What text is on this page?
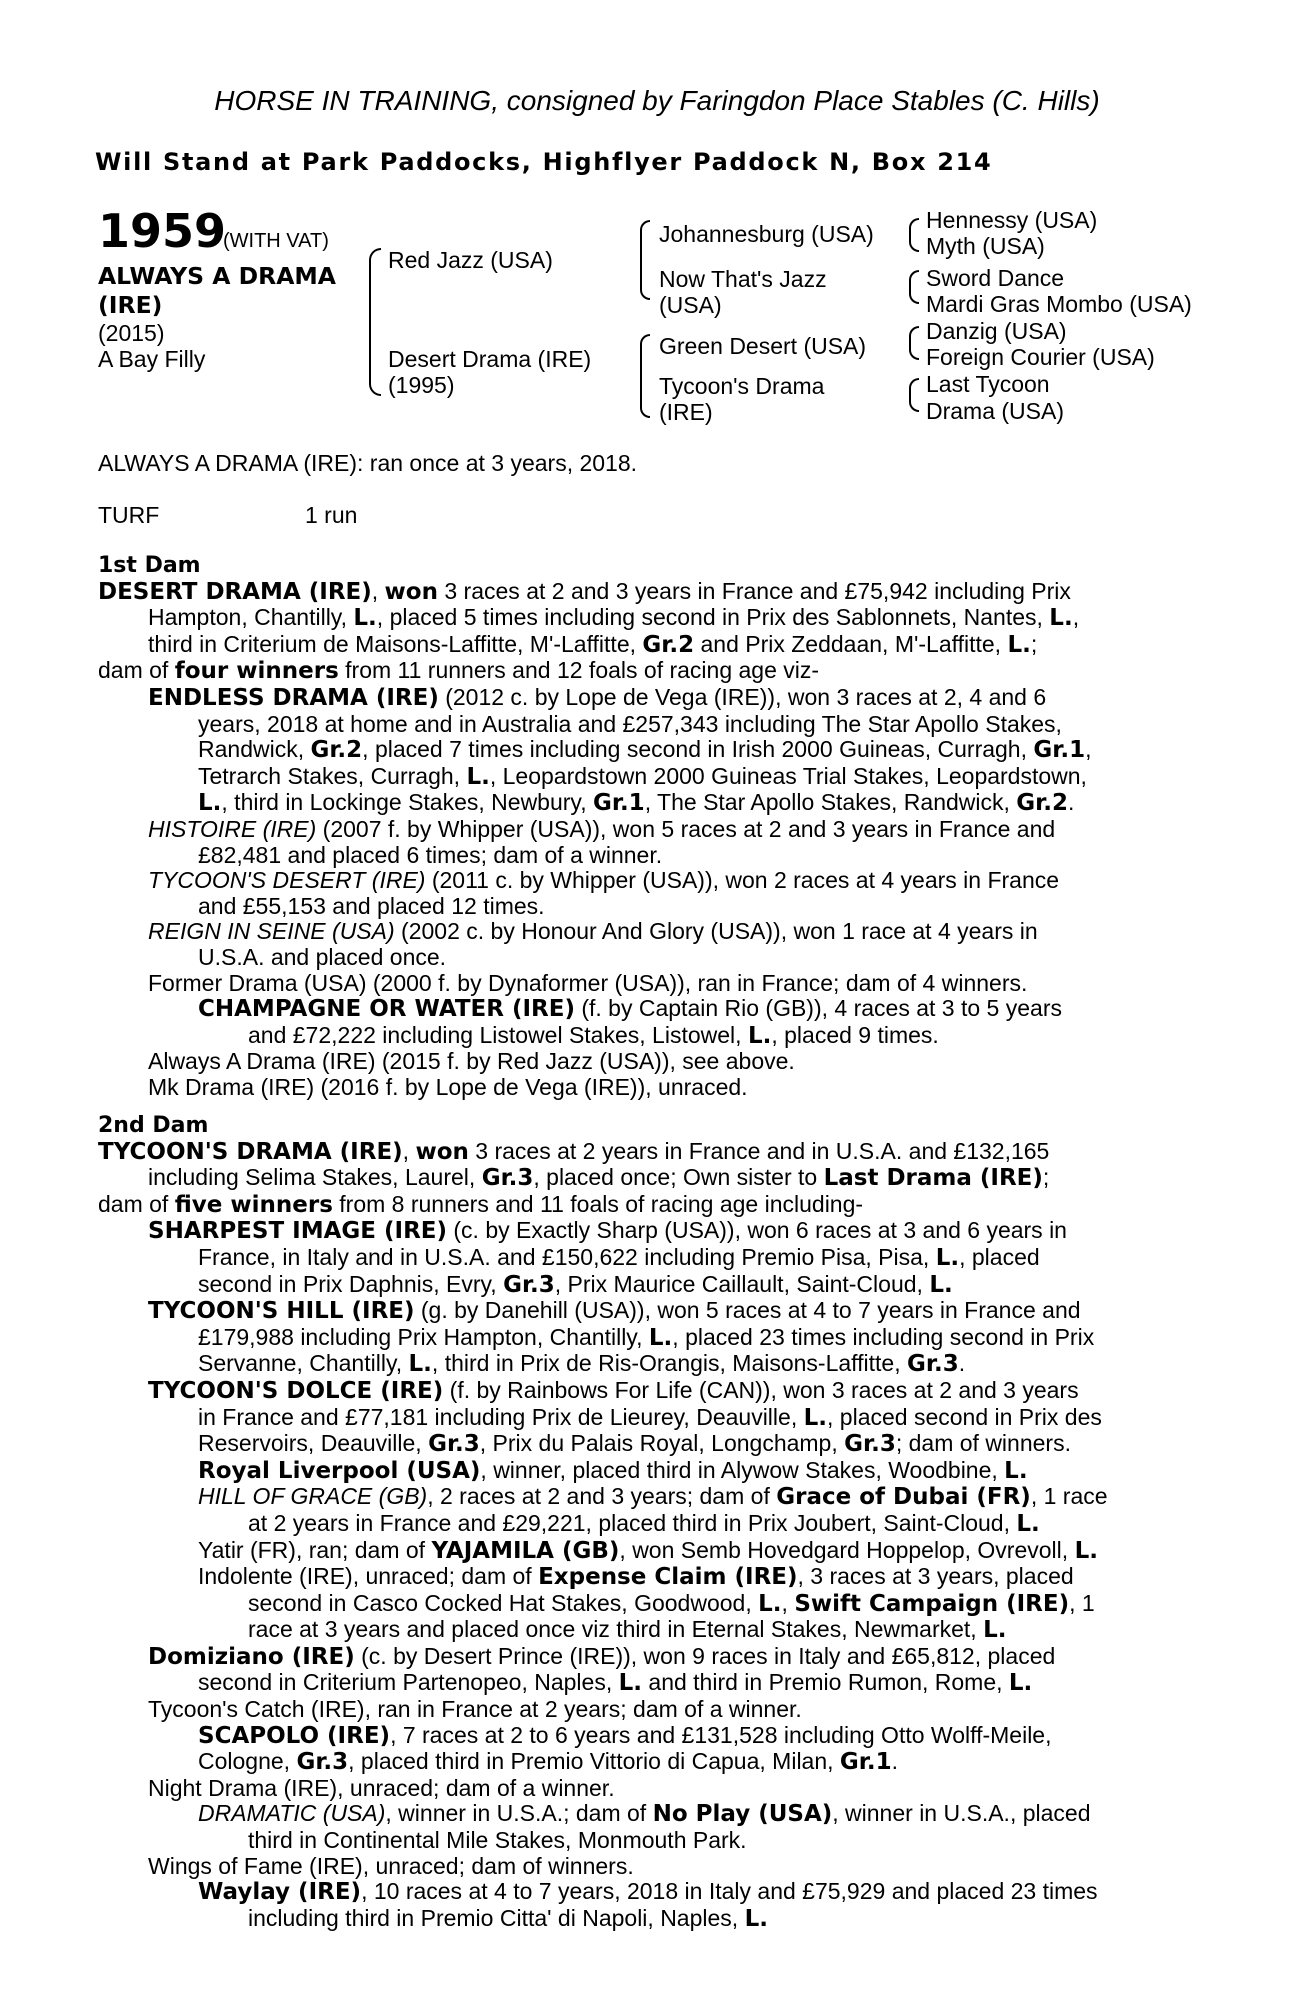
HORSE IN TRAINING, consigned by Faringdon Place Stables (C. Hills)
Will Stand at Park Paddocks, Highflyer Paddock N, Box 214
1959
(WITH VAT)
ALWAYS A DRAMA
(IRE)
(2015)
A Bay Filly
Red Jazz (USA)
Desert Drama (IRE)
(1995)
Johannesburg (USA)
Now That's Jazz
(USA)
Green Desert (USA)
Tycoon's Drama
(IRE)
Hennessy (USA)
Myth (USA)
Sword Dance
Mardi Gras Mombo (USA)
Danzig (USA)
Foreign Courier (USA)
Last Tycoon
Drama (USA)
ALWAYS A DRAMA (IRE): ran once at 3 years, 2018.
TURF	1 run
1st Dam
DESERT DRAMA (IRE), won 3 races at 2 and 3 years in France and £75,942 including Prix
Hampton, Chantilly, L., placed 5 times including second in Prix des Sablonnets, Nantes, L.,
third in Criterium de Maisons-Laffitte, M'-Laffitte, Gr.2 and Prix Zeddaan, M'-Laffitte, L.;
dam of four winners from 11 runners and 12 foals of racing age viz-
ENDLESS DRAMA (IRE) (2012 c. by Lope de Vega (IRE)), won 3 races at 2, 4 and 6
years, 2018 at home and in Australia and £257,343 including The Star Apollo Stakes,
Randwick, Gr.2, placed 7 times including second in Irish 2000 Guineas, Curragh, Gr.1,
Tetrarch Stakes, Curragh, L., Leopardstown 2000 Guineas Trial Stakes, Leopardstown,
L., third in Lockinge Stakes, Newbury, Gr.1, The Star Apollo Stakes, Randwick, Gr.2.
HISTOIRE (IRE) (2007 f. by Whipper (USA)), won 5 races at 2 and 3 years in France and
£82,481 and placed 6 times; dam of a winner.
TYCOON'S DESERT (IRE) (2011 c. by Whipper (USA)), won 2 races at 4 years in France
and £55,153 and placed 12 times.
REIGN IN SEINE (USA) (2002 c. by Honour And Glory (USA)), won 1 race at 4 years in
U.S.A. and placed once.
Former Drama (USA) (2000 f. by Dynaformer (USA)), ran in France; dam of 4 winners.
CHAMPAGNE OR WATER (IRE) (f. by Captain Rio (GB)), 4 races at 3 to 5 years
and £72,222 including Listowel Stakes, Listowel, L., placed 9 times.
Always A Drama (IRE) (2015 f. by Red Jazz (USA)), see above.
Mk Drama (IRE) (2016 f. by Lope de Vega (IRE)), unraced.
2nd Dam
TYCOON'S DRAMA (IRE), won 3 races at 2 years in France and in U.S.A. and £132,165
including Selima Stakes, Laurel, Gr.3, placed once; Own sister to Last Drama (IRE);
dam of five winners from 8 runners and 11 foals of racing age including-
SHARPEST IMAGE (IRE) (c. by Exactly Sharp (USA)), won 6 races at 3 and 6 years in
France, in Italy and in U.S.A. and £150,622 including Premio Pisa, Pisa, L., placed
second in Prix Daphnis, Evry, Gr.3, Prix Maurice Caillault, Saint-Cloud, L.
TYCOON'S HILL (IRE) (g. by Danehill (USA)), won 5 races at 4 to 7 years in France and
£179,988 including Prix Hampton, Chantilly, L., placed 23 times including second in Prix
Servanne, Chantilly, L., third in Prix de Ris-Orangis, Maisons-Laffitte, Gr.3.
TYCOON'S DOLCE (IRE) (f. by Rainbows For Life (CAN)), won 3 races at 2 and 3 years
in France and £77,181 including Prix de Lieurey, Deauville, L., placed second in Prix des
Reservoirs, Deauville, Gr.3, Prix du Palais Royal, Longchamp, Gr.3; dam of winners.
Royal Liverpool (USA), winner, placed third in Alywow Stakes, Woodbine, L.
HILL OF GRACE (GB), 2 races at 2 and 3 years; dam of Grace of Dubai (FR), 1 race
at 2 years in France and £29,221, placed third in Prix Joubert, Saint-Cloud, L.
Yatir (FR), ran; dam of YAJAMILA (GB), won Semb Hovedgard Hoppelop, Ovrevoll, L.
Indolente (IRE), unraced; dam of Expense Claim (IRE), 3 races at 3 years, placed
second in Casco Cocked Hat Stakes, Goodwood, L., Swift Campaign (IRE), 1
race at 3 years and placed once viz third in Eternal Stakes, Newmarket, L.
Domiziano (IRE) (c. by Desert Prince (IRE)), won 9 races in Italy and £65,812, placed
second in Criterium Partenopeo, Naples, L. and third in Premio Rumon, Rome, L.
Tycoon's Catch (IRE), ran in France at 2 years; dam of a winner.
SCAPOLO (IRE), 7 races at 2 to 6 years and £131,528 including Otto Wolff-Meile,
Cologne, Gr.3, placed third in Premio Vittorio di Capua, Milan, Gr.1.
Night Drama (IRE), unraced; dam of a winner.
DRAMATIC (USA), winner in U.S.A.; dam of No Play (USA), winner in U.S.A., placed
third in Continental Mile Stakes, Monmouth Park.
Wings of Fame (IRE), unraced; dam of winners.
Waylay (IRE), 10 races at 4 to 7 years, 2018 in Italy and £75,929 and placed 23 times
including third in Premio Citta' di Napoli, Naples, L.
